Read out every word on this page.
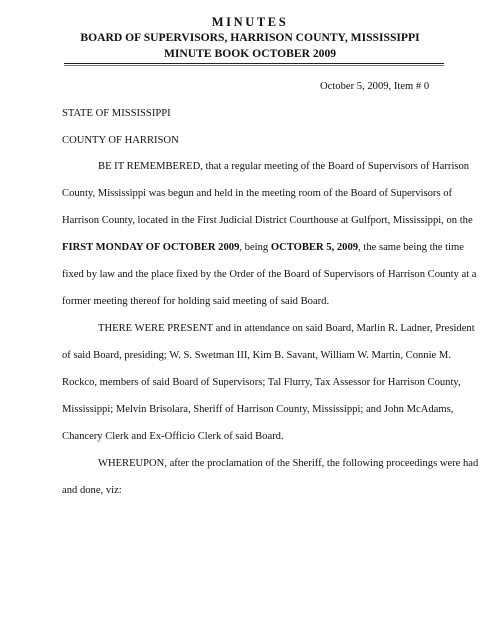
MINUTES
BOARD OF SUPERVISORS, HARRISON COUNTY, MISSISSIPPI
MINUTE BOOK OCTOBER 2009
October 5, 2009, Item # 0
STATE OF MISSISSIPPI
COUNTY OF HARRISON
BE IT REMEMBERED, that a regular meeting of the Board of Supervisors of Harrison
County, Mississippi was begun and held in the meeting room of the Board of Supervisors of
Harrison County, located in the First Judicial District Courthouse at Gulfport, Mississippi, on the
FIRST MONDAY OF OCTOBER 2009, being OCTOBER 5, 2009, the same being the time
fixed by law and the place fixed by the Order of the Board of Supervisors of Harrison County at a
former meeting thereof for holding said meeting of said Board.
THERE WERE PRESENT and in attendance on said Board, Marlin R. Ladner, President
of said Board, presiding; W. S. Swetman III, Kim B. Savant, William W. Martin, Connie M.
Rockco, members of said Board of Supervisors; Tal Flurry, Tax Assessor for Harrison County,
Mississippi; Melvin Brisolara, Sheriff of Harrison County, Mississippi; and John McAdams,
Chancery Clerk and Ex-Officio Clerk of said Board.
WHEREUPON, after the proclamation of the Sheriff, the following proceedings were had
and done, viz:
